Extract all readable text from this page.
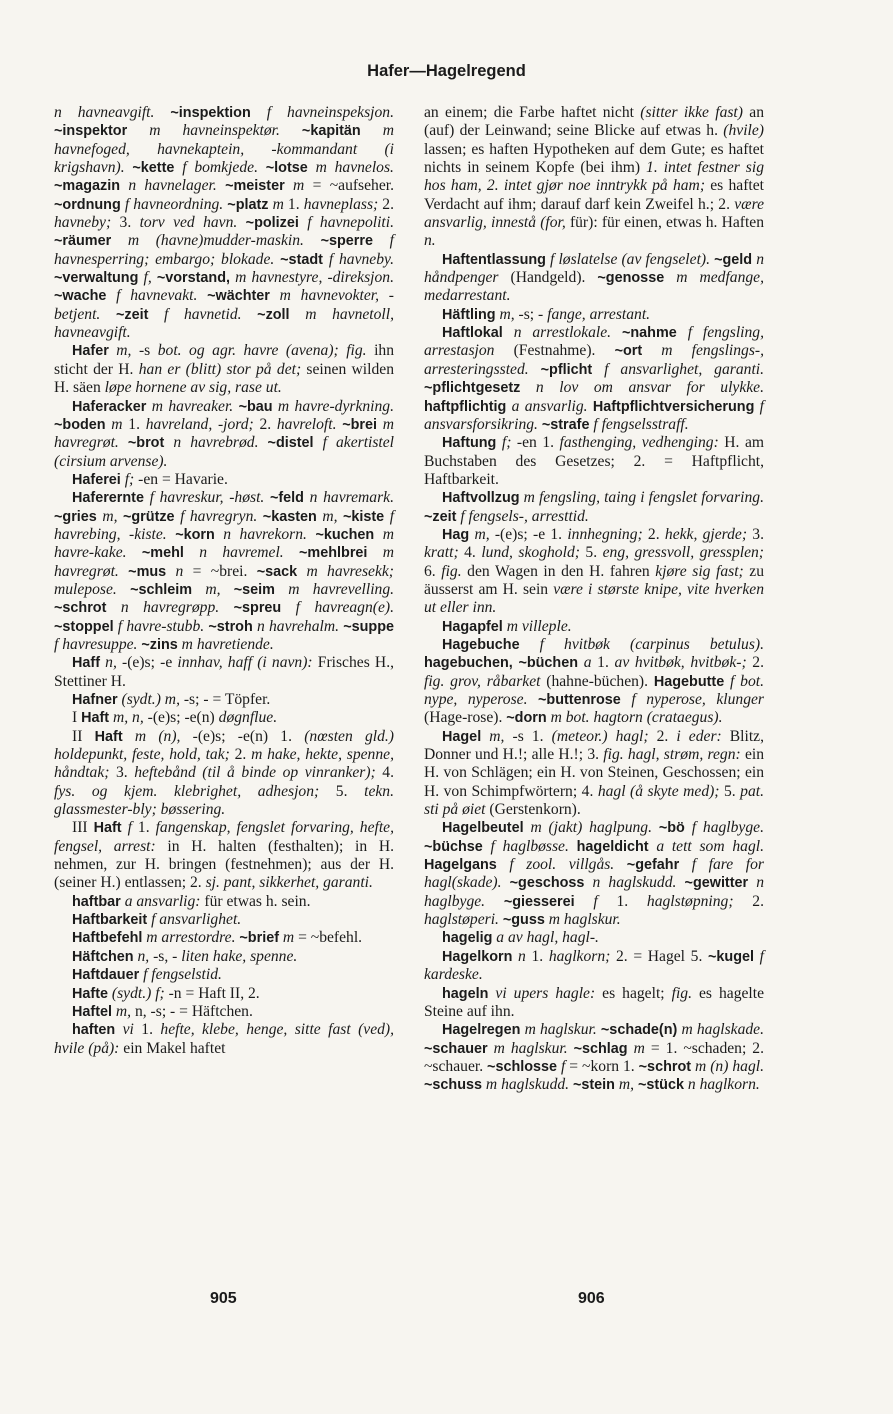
Hafer—Hagelregend

n havneavgift. ~inspektion f havneinspeksjon. ~inspektor m havneinspektør. ~kapitän m havnefoged, havnekaptein, -kommandant (i krigshavn). ~kette f bomkjede. ~lotse m havnelos. ~magazin n havnelager. ~meister m = ~aufseher. ~ordnung f havneordning. ~platz m 1. havneplass; 2. havneby; 3. torv ved havn. ~polizei f havnepoliti. ~räumer m (havne)mudder-maskin. ~sperre f havnesperring; embargo; blokade. ~stadt f havneby. ~verwaltung f, ~vorstand, m havnestyre, -direksjon. ~wache f havnevakt. ~wächter m havnevokter, -betjent. ~zeit f havnetid. ~zoll m havnetoll, havneavgift.

Hafer m, -s bot. og agr. havre (avena); fig. ihn sticht der H. han er (blitt) stor på det; seinen wilden H. säen løpe hornene av sig, rase ut.

Haferacker m havreaker. ~bau m havre-dyrkning. ~boden m 1. havreland, -jord; 2. havreloft. ~brei m havregrøt. ~brot n havrebrød. ~distel f akertistel (cirsium arvense).

Haferei f; -en = Havarie.

Haferernte f havreskur, -høst. ~feld n havremark. ~gries m, ~grütze f havregryn. ~kasten m, ~kiste f havrebing, -kiste. ~korn n havrekorn. ~kuchen m havre-kake. ~mehl n havremel. ~mehlbrei m havregrøt. ~mus n = ~brei. ~sack m havresekk; mulepose. ~schleim m, ~seim m havrevelling. ~schrot n havregrøpp. ~spreu f havreagn(e). ~stoppel f havre-stubb. ~stroh n havrehalm. ~suppe f havresuppe. ~zins m havretiende.

Haff n, -(e)s; -e innhav, haff (i navn): Frisches H., Stettiner H.

Hafner (sydt.) m, -s; - = Töpfer.

I Haft m, n, -(e)s; -e(n) døgnflue.

II Haft m (n), -(e)s; -e(n) 1. (nœsten gld.) holdepunkt, feste, hold, tak; 2. m hake, hekte, spenne, håndtak; 3. heftebånd (til å binde op vinranker); 4. fys. og kjem. klebrighet, adhesjon; 5. tekn. glassmester-bly; bøssering.

III Haft f 1. fangenskap, fengslet forvaring, hefte, fengsel, arrest: in H. halten (festhalten); in H. nehmen, zur H. bringen (festnehmen); aus der H. (seiner H.) entlassen; 2. sj. pant, sikkerhet, garanti.

haftbar a ansvarlig: für etwas h. sein.

Haftbarkeit f ansvarlighet.

Haftbefehl m arrestordre. ~brief m = ~befehl.

Häftchen n, -s, - liten hake, spenne.

Haftdauer f fengselstid.

Hafte (sydt.) f; -n = Haft II, 2.

Haftel m, n, -s; - = Häftchen.

haften vi 1. hefte, klebe, henge, sitte fast (ved), hvile (på): ein Makel haftet

an einem; die Farbe haftet nicht (sitter ikke fast) an (auf) der Leinwand; seine Blicke auf etwas h. (hvile) lassen; es haften Hypotheken auf dem Gute; es haftet nichts in seinem Kopfe (bei ihm) 1. intet festner sig hos ham, 2. intet gjør noe inntrykk på ham; es haftet Verdacht auf ihm; darauf darf kein Zweifel h.; 2. være ansvarlig, innestå (for, für): für einen, etwas h. Haften n.

Haftentlassung f løslatelse (av fengselet). ~geld n håndpenger (Handgeld). ~genosse m medfange, medarrestant.

Häftling m, -s; - fange, arrestant.

Haftlokal n arrestlokale. ~nahme f fengsling, arrestasjon (Festnahme). ~ort m fengslings-, arresteringssted. ~pflicht f ansvarlighet, garanti. ~pflichtgesetz n lov om ansvar for ulykke. haftpflichtig a ansvarlig. Haftpflichtversicherung f ansvarsforsikring. ~strafe f fengselsstraff.

Haftung f; -en 1. fasthenging, vedhenging: H. am Buchstaben des Gesetzes; 2. = Haftpflicht, Haftbarkeit.

Haftvollzug m fengsling, taing i fengslet forvaring. ~zeit f fengsels-, arresttid.

Hag m, -(e)s; -e 1. innhegning; 2. hekk, gjerde; 3. kratt; 4. lund, skoghold; 5. eng, gressvoll, gressplen; 6. fig. den Wagen in den H. fahren kjøre sig fast; zu äusserst am H. sein være i største knipe, vite hverken ut eller inn.

Hagapfel m villeple.

Hagebuche f hvitbøk (carpinus betulus). hagebuchen, ~büchen a 1. av hvitbøk, hvitbøk-; 2. fig. grov, råbarket (hahne-büchen). Hagebutte f bot. nype, nyperose. ~buttenrose f nyperose, klunger (Hage-rose). ~dorn m bot. hagtorn (crataegus).

Hagel m, -s 1. (meteor.) hagl; 2. i eder: Blitz, Donner und H.!; alle H.!; 3. fig. hagl, strøm, regn: ein H. von Schlägen; ein H. von Steinen, Geschossen; ein H. von Schimpfwörtern; 4. hagl (å skyte med); 5. pat. sti på øiet (Gerstenkorn).

Hagelbeutel m (jakt) haglpung. ~bö f haglbyge. ~büchse f haglbøsse. hageldicht a tett som hagl. Hagelgans f zool. villgås. ~gefahr f fare for hagl(skade). ~geschoss n haglskudd. ~gewitter n haglbyge. ~giesserei f 1. haglstøpning; 2. haglstøperi. ~guss m haglskur.

hagelig a av hagl, hagl-.

Hagelkorn n 1. haglkorn; 2. = Hagel 5. ~kugel f kardeske.

hageln vi upers hagle: es hagelt; fig. es hagelte Steine auf ihn.

Hagelregen m haglskur. ~schade(n) m haglskade. ~schauer m haglskur. ~schlag m = 1. ~schaden; 2. ~schauer. ~schlosse f = ~korn 1. ~schrot m (n) hagl. ~schuss m haglskudd. ~stein m, ~stück n haglkorn.

905	906
